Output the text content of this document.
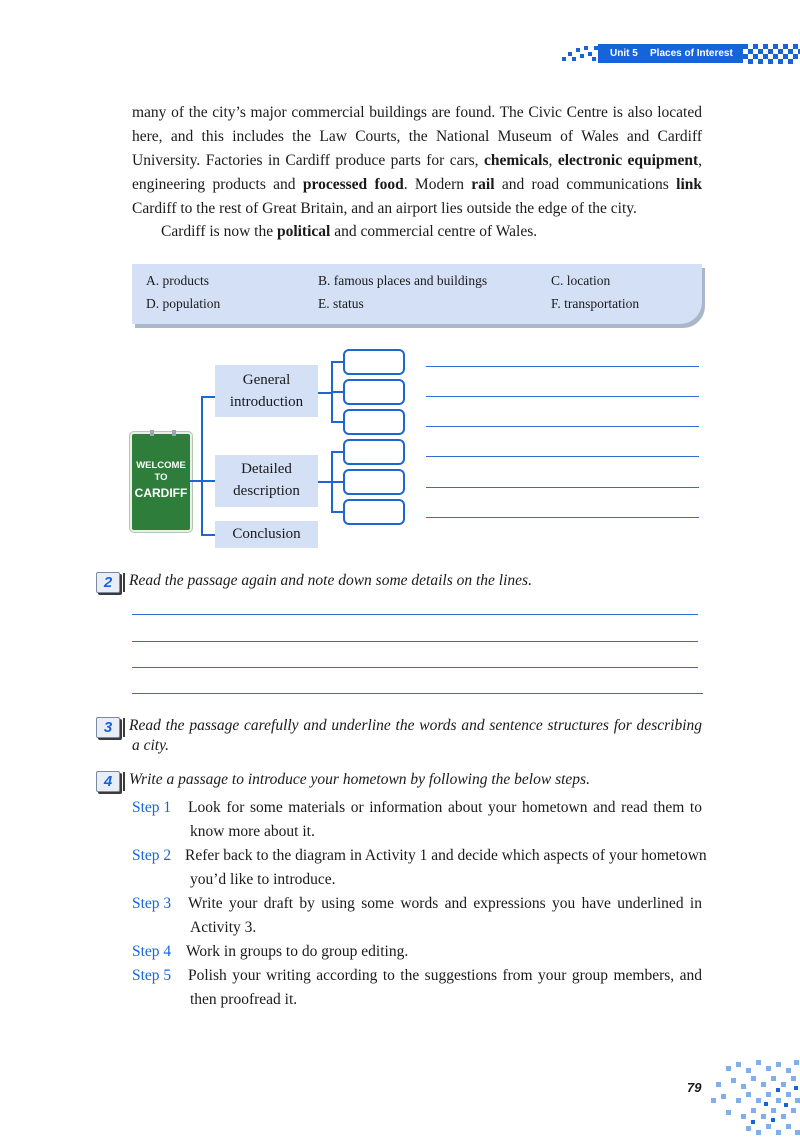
Unit 5 Places of Interest
many of the city’s major commercial buildings are found. The Civic Centre is also located
here, and this includes the Law Courts, the National Museum of Wales and Cardiff
University. Factories in Cardiff produce parts for cars, chemicals, electronic equipment,
engineering products and processed food. Modern rail and road communications link
Cardiff to the rest of Great Britain, and an airport lies outside the edge of the city.
Cardiff is now the political and commercial centre of Wales.
A. products	B. famous places and buildings	C. location
D. population	E. status	F. transportation
WELCOME
TO
CARDIFF
General
introduction
Detailed
description
Conclusion
2	Read the passage again and note down some details on the lines.
3	Read the passage carefully and underline the words and sentence structures for describing
a city.
4	Write a passage to introduce your hometown by following the below steps.
Step 1 Look for some materials or information about your hometown and read them to
know more about it.
Step 2 Refer back to the diagram in Activity 1 and decide which aspects of your hometown
you’d like to introduce.
Step 3 Write your draft by using some words and expressions you have underlined in
Activity 3.
Step 4 Work in groups to do group editing.
Step 5 Polish your writing according to the suggestions from your group members, and
then proofread it.
79
